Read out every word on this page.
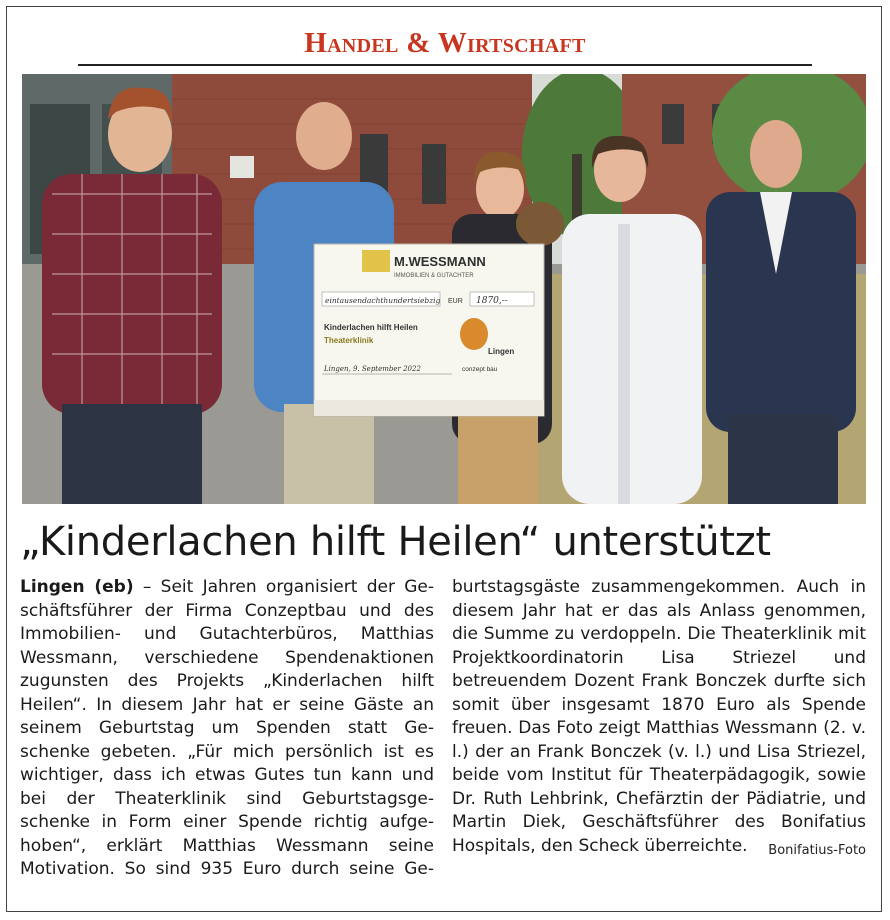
Handel & Wirtschaft
M.WESSMANN
IMMOBILIEN & GUTACHTER
eintausendachthundertsiebzig EUR 1870,--
Kinderlachen hilft Heilen
Theaterklinik
Lingen
Lingen, 9. September 2022	conzept bau
„Kinderlachen hilft Heilen“ unterstützt

Lingen (eb) – Seit Jahren organisiert der Geschäftsführer der Firma Conzeptbau und des Immobilien- und Gutachterbüros, Matthias Wessmann, verschiedene Spendenaktionen zugunsten des Projekts „Kinderlachen hilft Heilen“. In diesem Jahr hat er seine Gäste an seinem Geburtstag um Spenden statt Geschenke gebeten. „Für mich persönlich ist es wichtiger, dass ich etwas Gutes tun kann und bei der Theaterklinik sind Geburtstagsgeschenke in Form einer Spende richtig aufgehoben“, erklärt Matthias Wessmann seine Motivation. So sind 935 Euro durch seine Geburtstagsgäste zusammengekommen. Auch in diesem Jahr hat er das als Anlass genommen, die Summe zu verdoppeln. Die Theaterklinik mit Projektkoordinatorin Lisa Striezel und betreuendem Dozent Frank Bonczek durfte sich somit über insgesamt 1870 Euro als Spende freuen. Das Foto zeigt Matthias Wessmann (2. v. l.) der an Frank Bonczek (v. l.) und Lisa Striezel, beide vom Institut für Theaterpädagogik, sowie Dr. Ruth Lehbrink, Chefärztin der Pädiatrie, und Martin Diek, Geschäftsführer des Bonifatius Hospitals, den Scheck überreichte. Bonifatius-Foto
